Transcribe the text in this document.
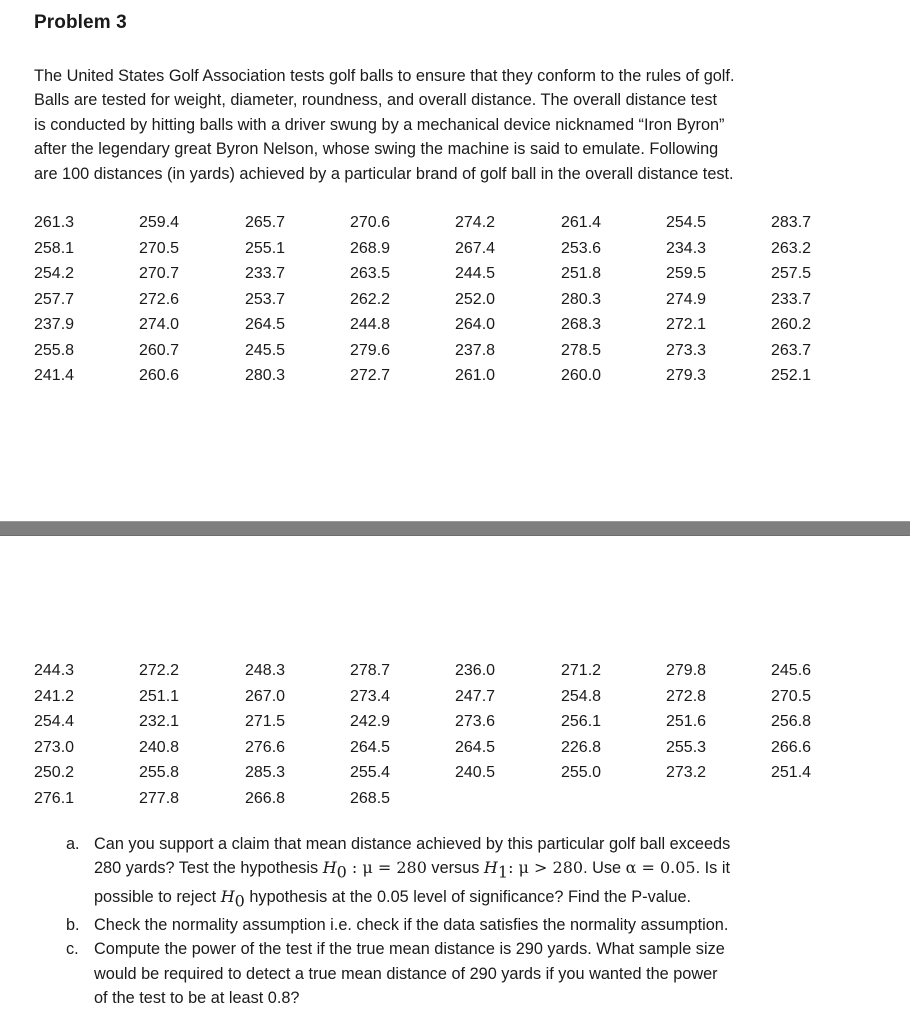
Problem 3
The United States Golf Association tests golf balls to ensure that they conform to the rules of golf.
Balls are tested for weight, diameter, roundness, and overall distance. The overall distance test
is conducted by hitting balls with a driver swung by a mechanical device nicknamed “Iron Byron”
after the legendary great Byron Nelson, whose swing the machine is said to emulate. Following
are 100 distances (in yards) achieved by a particular brand of golf ball in the overall distance test.
261.3	259.4	265.7	270.6	274.2	261.4	254.5	283.7
258.1	270.5	255.1	268.9	267.4	253.6	234.3	263.2
254.2	270.7	233.7	263.5	244.5	251.8	259.5	257.5
257.7	272.6	253.7	262.2	252.0	280.3	274.9	233.7
237.9	274.0	264.5	244.8	264.0	268.3	272.1	260.2
255.8	260.7	245.5	279.6	237.8	278.5	273.3	263.7
241.4	260.6	280.3	272.7	261.0	260.0	279.3	252.1
244.3	272.2	248.3	278.7	236.0	271.2	279.8	245.6
241.2	251.1	267.0	273.4	247.7	254.8	272.8	270.5
254.4	232.1	271.5	242.9	273.6	256.1	251.6	256.8
273.0	240.8	276.6	264.5	264.5	226.8	255.3	266.6
250.2	255.8	285.3	255.4	240.5	255.0	273.2	251.4
276.1	277.8	266.8	268.5
a. Can you support a claim that mean distance achieved by this particular golf ball exceeds
280 yards? Test the hypothesis $H_0$ : μ = 280 versus $H_1$: μ > 280. Use α = 0.05. Is it
possible to reject $H_0$ hypothesis at the 0.05 level of significance? Find the P-value.
b. Check the normality assumption i.e. check if the data satisfies the normality assumption.
c. Compute the power of the test if the true mean distance is 290 yards. What sample size
would be required to detect a true mean distance of 290 yards if you wanted the power
of the test to be at least 0.8?
